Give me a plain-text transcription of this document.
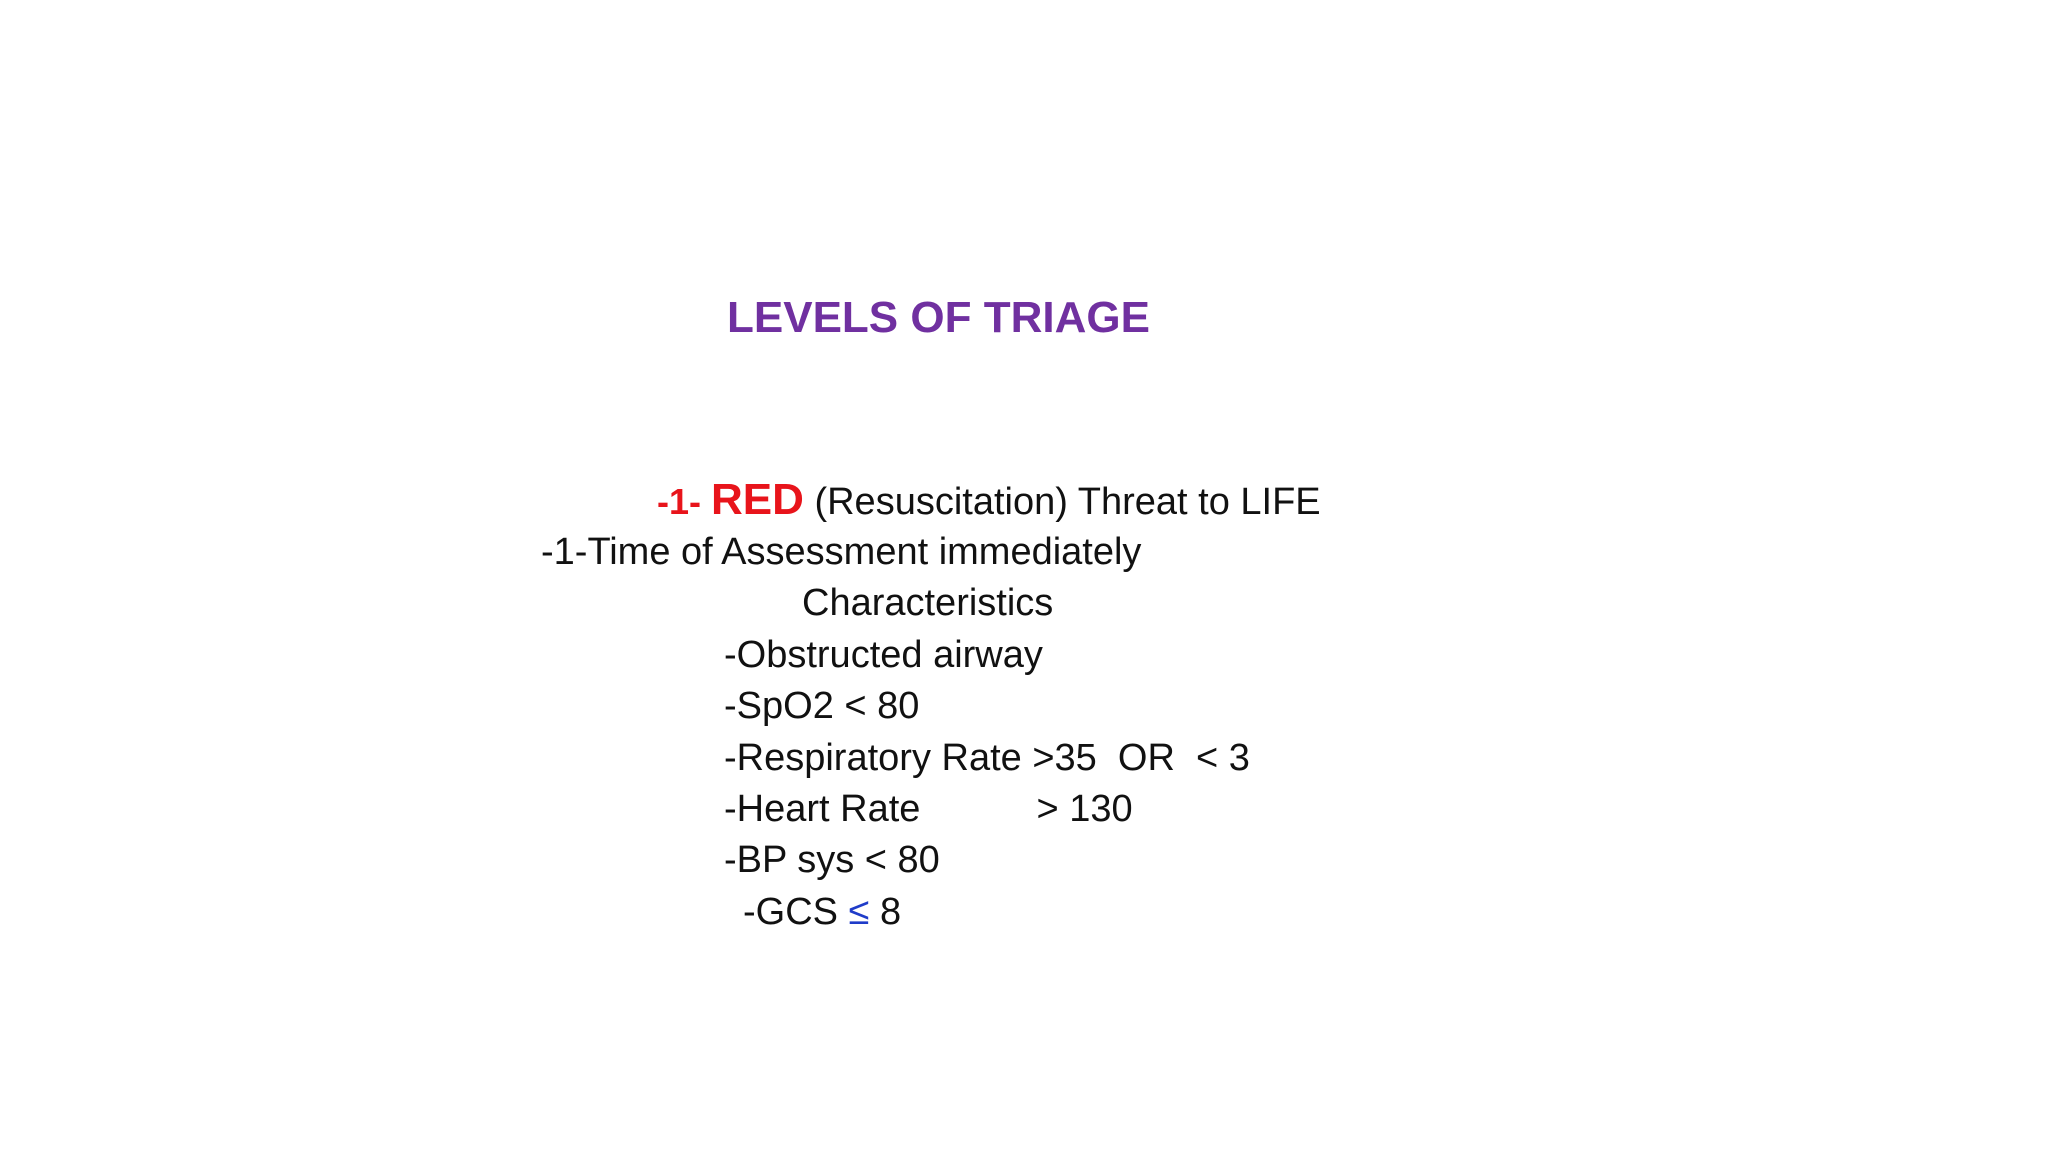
LEVELS OF TRIAGE
-1- RED (Resuscitation) Threat to LIFE
-1-Time of Assessment immediately
Characteristics
-Obstructed airway
-SpO2 < 80
-Respiratory Rate >35  OR  < 3
-Heart Rate           > 130
-BP sys < 80
-GCS ≤ 8
